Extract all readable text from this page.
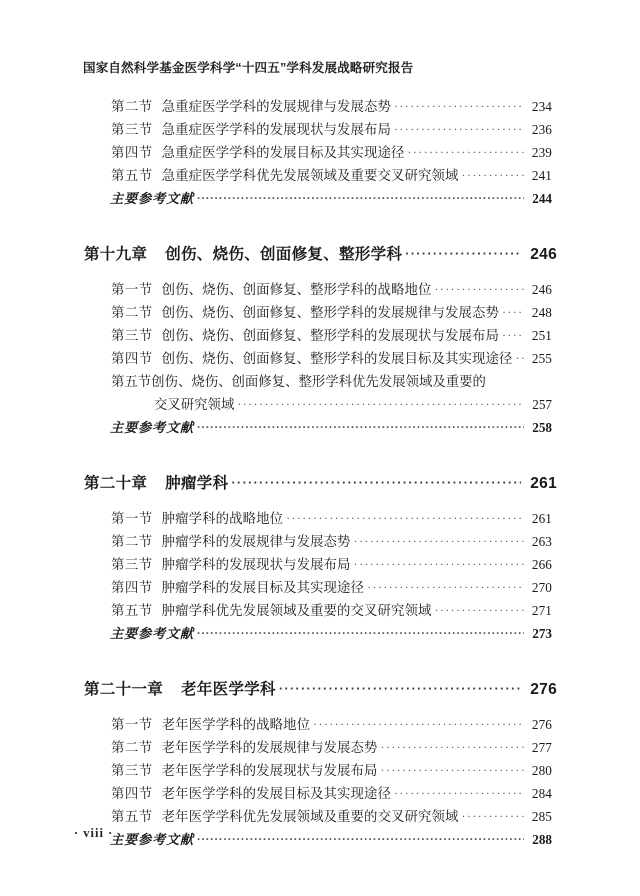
国家自然科学基金医学科学“十四五”学科发展战略研究报告
第二节 急重症医学学科的发展规律与发展态势 ·····	234
第三节 急重症医学学科的发展现状与发展布局 ·····	236
第四节 急重症医学学科的发展目标及其实现途径 ·····	239
第五节 急重症医学学科优先发展领域及重要交叉研究领域 ·····	241
主要参考文献 ·····	244
第十九章 创伤、烧伤、创面修复、整形学科 ·····	246
第一节 创伤、烧伤、创面修复、整形学科的战略地位 ·····	246
第二节 创伤、烧伤、创面修复、整形学科的发展规律与发展态势 ·····	248
第三节 创伤、烧伤、创面修复、整形学科的发展现状与发展布局 ·····	251
第四节 创伤、烧伤、创面修复、整形学科的发展目标及其实现途径 ·····	255
第五节创伤、烧伤、创面修复、整形学科优先发展领域及重要的
交叉研究领域 ·····	257
主要参考文献 ·····	258
第二十章 肿瘤学科 ·····	261
第一节 肿瘤学科的战略地位 ·····	261
第二节 肿瘤学科的发展规律与发展态势 ·····	263
第三节 肿瘤学科的发展现状与发展布局 ·····	266
第四节 肿瘤学科的发展目标及其实现途径 ·····	270
第五节 肿瘤学科优先发展领域及重要的交叉研究领域 ·····	271
主要参考文献 ·····	273
第二十一章 老年医学学科 ·····	276
第一节 老年医学学科的战略地位 ·····	276
第二节 老年医学学科的发展规律与发展态势 ·····	277
第三节 老年医学学科的发展现状与发展布局 ·····	280
第四节 老年医学学科的发展目标及其实现途径 ·····	284
第五节 老年医学学科优先发展领域及重要的交叉研究领域 ·····	285
主要参考文献 ·····	288
· viii ·
